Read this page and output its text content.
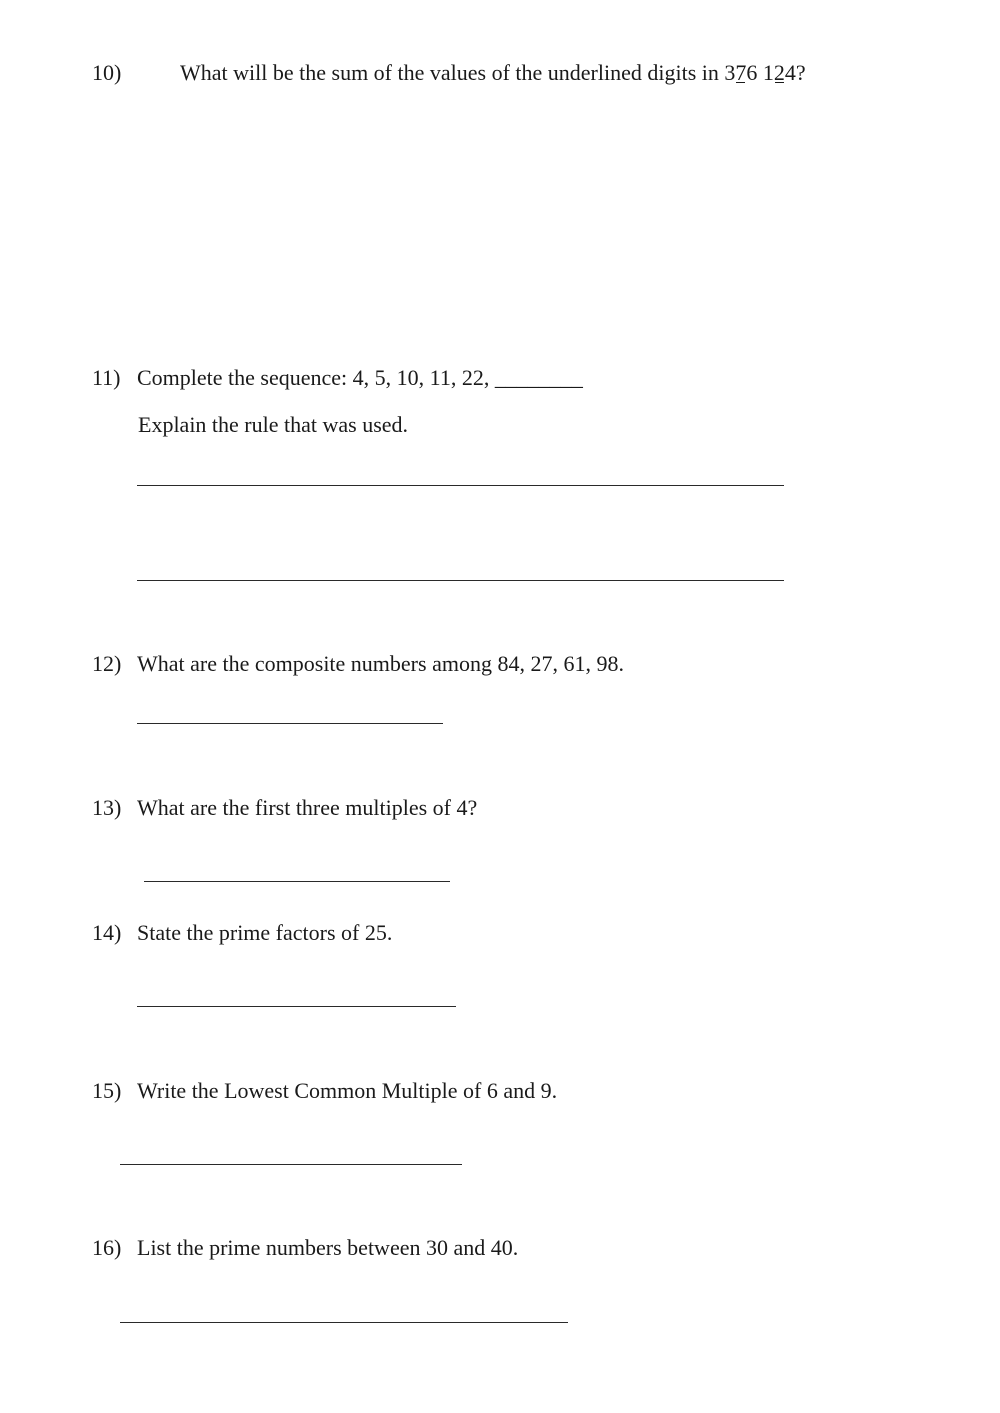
10)	What will be the sum of the values of the underlined digits in 376 124?
11) Complete the sequence: 4, 5, 10, 11, 22, ________
Explain the rule that was used.
12) What are the composite numbers among 84, 27, 61, 98.
13) What are the first three multiples of 4?
14) State the prime factors of 25.
15) Write the Lowest Common Multiple of 6 and 9.
16) List the prime numbers between 30 and 40.
